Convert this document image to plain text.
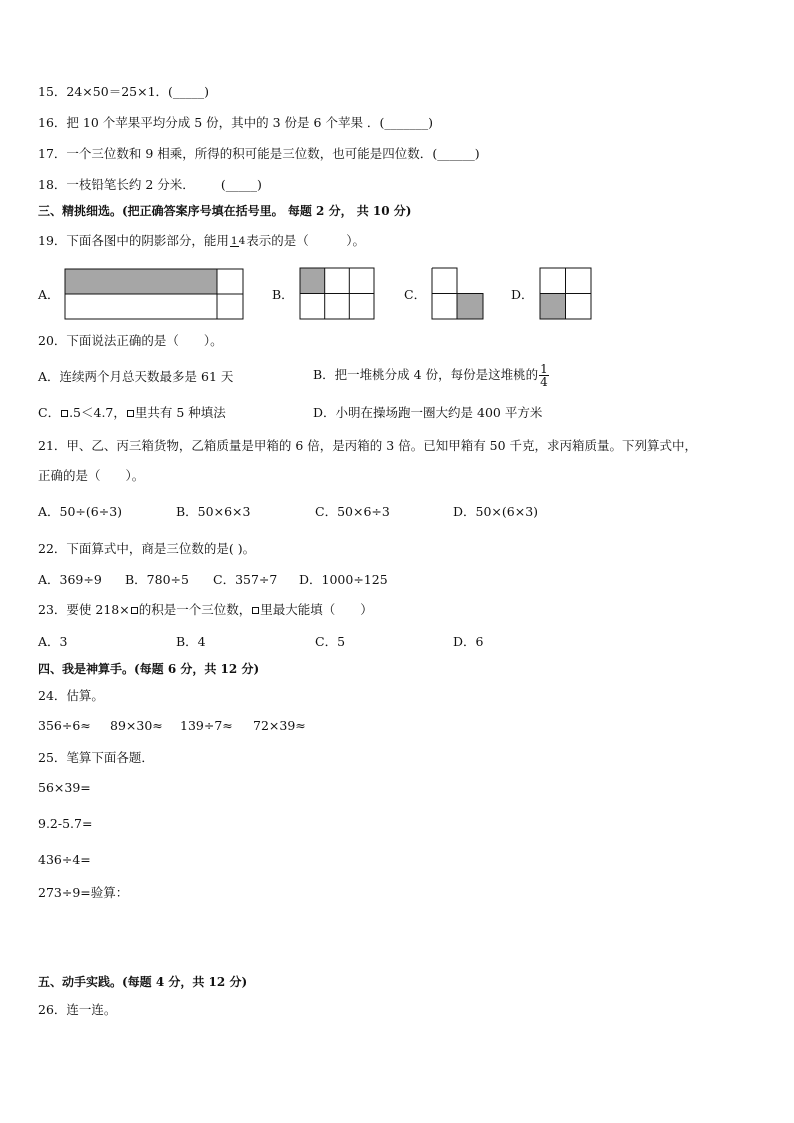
15．24×50＝25×1．(_____)
16．把 10 个苹果平均分成 5 份，其中的 3 份是 6 个苹果 ．(_______)
17．一个三位数和 9 相乘，所得的积可能是三位数，也可能是四位数．(______)
18．一枝铅笔长约 2 分米． (_____)
三、精挑细选。(把正确答案序号填在括号里。 每题 2 分， 共 10 分)
19．下面各图中的阴影部分，能用 14表示的是（　　　）。
A．	B．	C．	D．
20．下面说法正确的是（　　）。
A．连续两个月总天数最多是 61 天	B．把一堆桃分成 4 份，每份是这堆桃的 $\frac{1}{4}$
C． .5＜4.7， 里共有 5 种填法	D．小明在操场跑一圈大约是 400 平方米
21．甲、乙、丙三箱货物，乙箱质量是甲箱的 6 倍，是丙箱的 3 倍。已知甲箱有 50 千克，求丙箱质量。下列算式中，
正确的是（　　）。
A．50÷(6÷3)	B．50×6×3	C．50×6÷3	D．50×(6×3)
22．下面算式中，商是三位数的是( )。
A．369÷9 B．780÷5 C．357÷7 D．1000÷125
23．要使 218× 的积是一个三位数， 里最大能填（　　）
A．3	B．4	C．5	D．6
四、我是神算手。(每题 6 分，共 12 分)
24．估算。
356÷6≈ 89×30≈ 139÷7≈ 72×39≈
25．笔算下面各题．
56×39=
9.2-5.7=
436÷4=
273÷9=验算：
五、动手实践。(每题 4 分，共 12 分)
26．连一连。
